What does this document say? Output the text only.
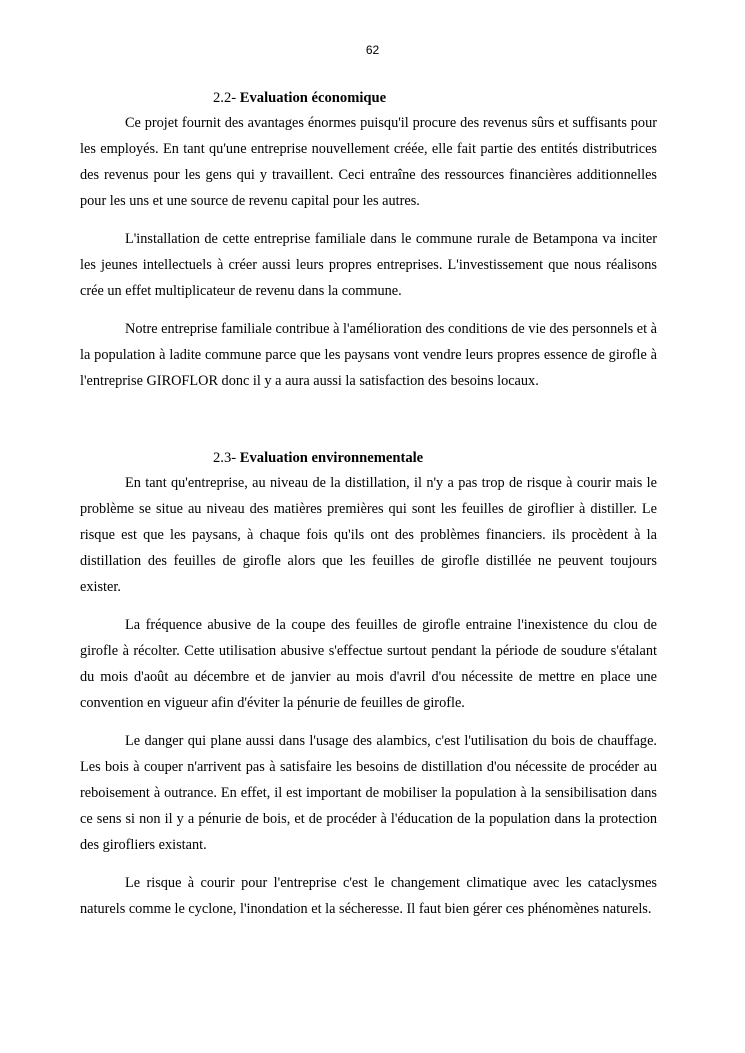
62
2.2- Evaluation économique

Ce projet fournit des avantages énormes puisqu'il procure des revenus sûrs et suffisants pour les employés. En tant qu'une entreprise nouvellement créée, elle fait partie des entités distributrices des revenus pour les gens qui y travaillent. Ceci entraîne des ressources financières additionnelles pour les uns et une source de revenu capital pour les autres.

L'installation de cette entreprise familiale dans le commune rurale de Betampona va inciter les jeunes intellectuels à créer aussi leurs propres entreprises. L'investissement que nous réalisons crée un effet multiplicateur de revenu dans la commune.

Notre entreprise familiale contribue à l'amélioration des conditions de vie des personnels et à la population à ladite commune parce que les paysans vont vendre leurs propres essence de girofle à l'entreprise GIROFLOR donc il y a aura aussi la satisfaction des besoins locaux.

2.3- Evaluation environnementale

En tant qu'entreprise, au niveau de la distillation, il n'y a pas trop de risque à courir mais le problème se situe au niveau des matières premières qui sont les feuilles de giroflier à distiller. Le risque est que les paysans, à chaque fois qu'ils ont des problèmes financiers. ils procèdent à la distillation des feuilles de girofle alors que les feuilles de girofle distillée ne peuvent toujours exister.

La fréquence abusive de la coupe des feuilles de girofle entraine l'inexistence du clou de girofle à récolter. Cette utilisation abusive s'effectue surtout pendant la période de soudure s'étalant du mois d'août au décembre et de janvier au mois d'avril d'ou nécessite de mettre en place une convention en vigueur afin d'éviter la pénurie de feuilles de girofle.

Le danger qui plane aussi dans l'usage des alambics, c'est l'utilisation du bois de chauffage. Les bois à couper n'arrivent pas à satisfaire les besoins de distillation d'ou nécessite de procéder au reboisement à outrance. En effet, il est important de mobiliser la population à la sensibilisation dans ce sens si non il y a pénurie de bois, et de procéder à l'éducation de la population dans la protection des girofliers existant.

Le risque à courir pour l'entreprise c'est le changement climatique avec les cataclysmes naturels comme le cyclone, l'inondation et la sécheresse. Il faut bien gérer ces phénomènes naturels.
